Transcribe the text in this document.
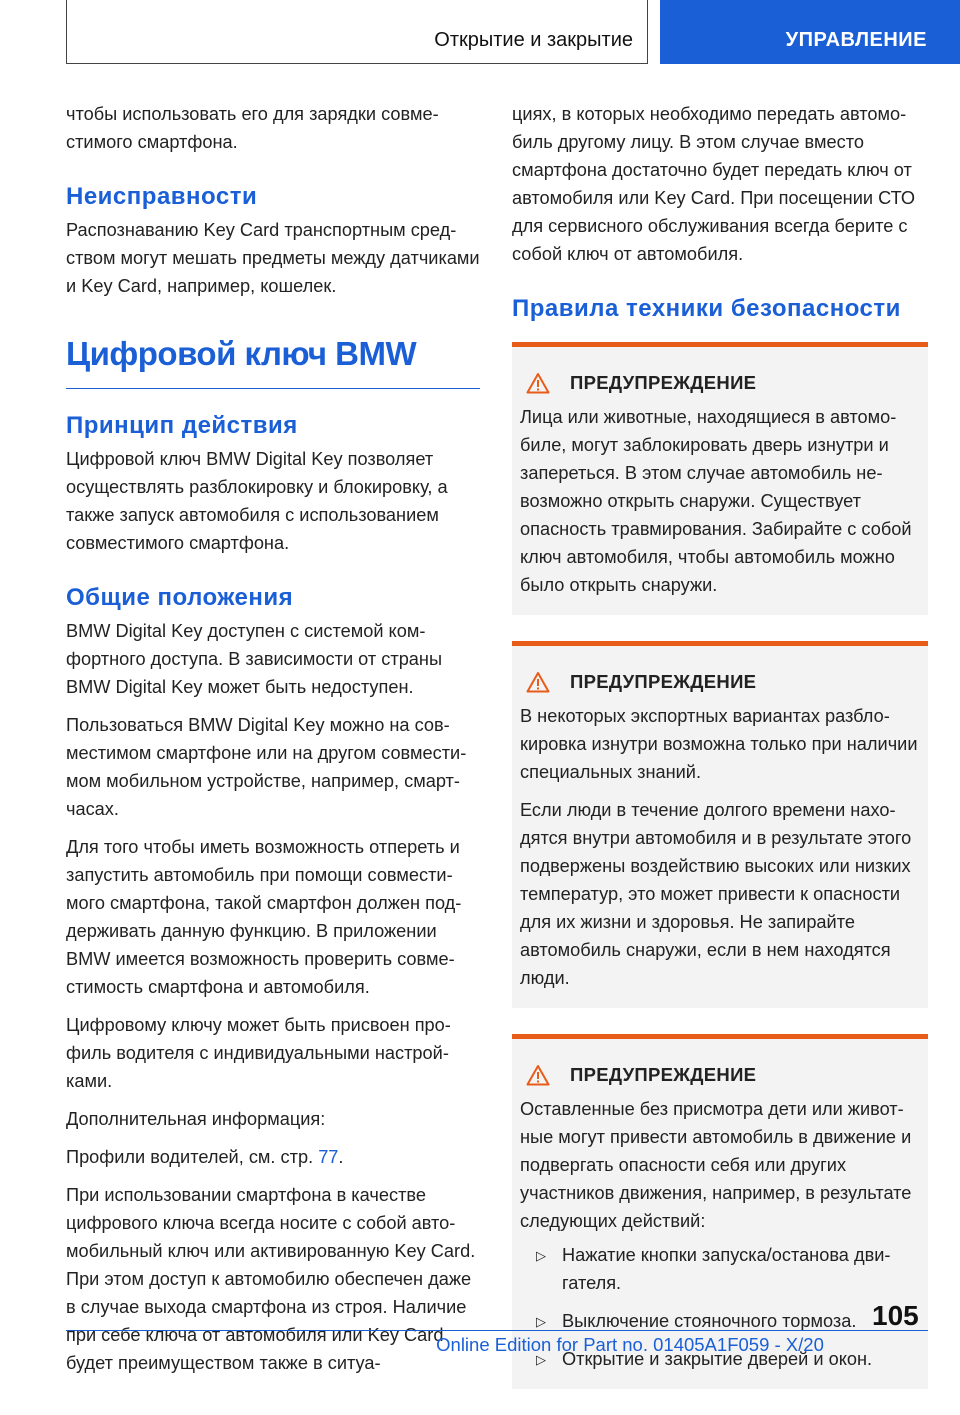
Открытие и закрытие	УПРАВЛЕНИЕ

чтобы использовать его для зарядки совместимого смартфона.

Неисправности

Распознаванию Key Card транспортным средством могут мешать предметы между датчиками и Key Card, например, кошелек.

Цифровой ключ BMW
Принцип действия

Цифровой ключ BMW Digital Key позволяет осуществлять разблокировку и блокировку, а также запуск автомобиля с использованием совместимого смартфона.

Общие положения

BMW Digital Key доступен с системой комфортного доступа. В зависимости от страны BMW Digital Key может быть недоступен.

Пользоваться BMW Digital Key можно на совместимом смартфоне или на другом совместимом мобильном устройстве, например, смарт-часах.

Для того чтобы иметь возможность отпереть и запустить автомобиль при помощи совместимого смартфона, такой смартфон должен поддерживать данную функцию. В приложении BMW имеется возможность проверить совместимость смартфона и автомобиля.

Цифровому ключу может быть присвоен профиль водителя с индивидуальными настройками.

Дополнительная информация:

Профили водителей, см. стр. 77.

При использовании смартфона в качестве цифрового ключа всегда носите с собой автомобильный ключ или активированную Key Card. При этом доступ к автомобилю обеспечен даже в случае выхода смартфона из строя. Наличие при себе ключа от автомобиля или Key Card будет преимуществом также в ситуа-

циях, в которых необходимо передать автомобиль другому лицу. В этом случае вместо смартфона достаточно будет передать ключ от автомобиля или Key Card. При посещении СТО для сервисного обслуживания всегда берите с собой ключ от автомобиля.

Правила техники безопасности
ПРЕДУПРЕЖДЕНИЕ

Лица или животные, находящиеся в автомобиле, могут заблокировать дверь изнутри и запереться. В этом случае автомобиль невозможно открыть снаружи. Существует опасность травмирования. Забирайте с собой ключ автомобиля, чтобы автомобиль можно было открыть снаружи.

ПРЕДУПРЕЖДЕНИЕ

В некоторых экспортных вариантах разблокировка изнутри возможна только при наличии специальных знаний.

Если люди в течение долгого времени находятся внутри автомобиля и в результате этого подвержены воздействию высоких или низких температур, это может привести к опасности для их жизни и здоровья. Не запирайте автомобиль снаружи, если в нем находятся люди.

ПРЕДУПРЕЖДЕНИЕ

Оставленные без присмотра дети или животные могут привести автомобиль в движение и подвергать опасности себя или других участников движения, например, в результате следующих действий:

▷ Нажатие кнопки запуска/останова двигателя.
▷ Выключение стояночного тормоза.
▷ Открытие и закрытие дверей и окон.
105
Online Edition for Part no. 01405A1F059 - X/20
